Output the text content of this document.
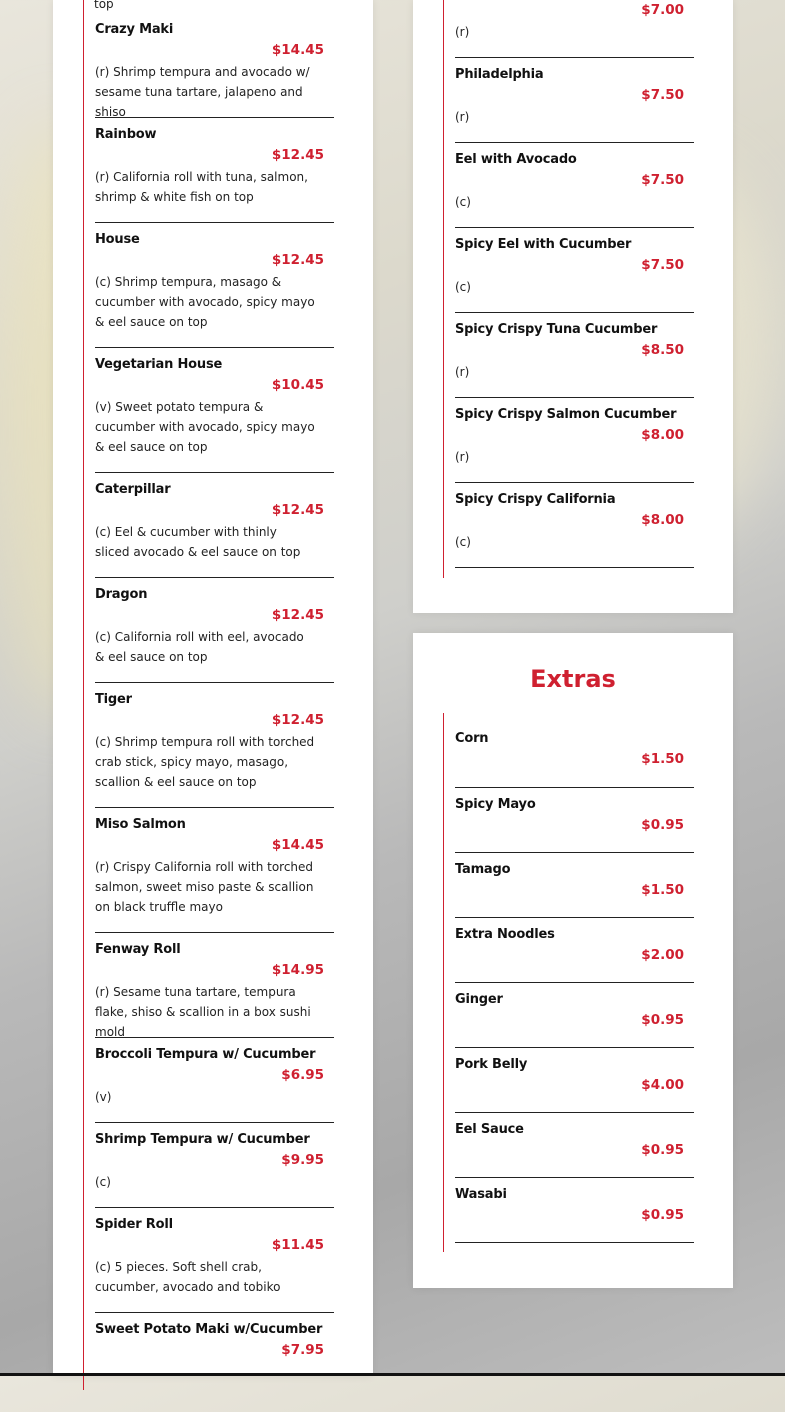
top
Crazy Maki
$14.45
(r) Shrimp tempura and avocado w/ sesame tuna tartare, jalapeno and shiso
Rainbow
$12.45
(r) California roll with tuna, salmon, shrimp & white fish on top
House
$12.45
(c) Shrimp tempura, masago & cucumber with avocado, spicy mayo & eel sauce on top
Vegetarian House
$10.45
(v) Sweet potato tempura & cucumber with avocado, spicy mayo & eel sauce on top
Caterpillar
$12.45
(c) Eel & cucumber with thinly sliced avocado & eel sauce on top
Dragon
$12.45
(c) California roll with eel, avocado & eel sauce on top
Tiger
$12.45
(c) Shrimp tempura roll with torched crab stick, spicy mayo, masago, scallion & eel sauce on top
Miso Salmon
$14.45
(r) Crispy California roll with torched salmon, sweet miso paste & scallion on black truffle mayo
Fenway Roll
$14.95
(r) Sesame tuna tartare, tempura flake, shiso & scallion in a box sushi mold
Broccoli Tempura w/ Cucumber
$6.95
(v)
Shrimp Tempura w/ Cucumber
$9.95
(c)
Spider Roll
$11.45
(c) 5 pieces. Soft shell crab, cucumber, avocado and tobiko
Sweet Potato Maki w/Cucumber
$7.95
$7.00
(r)
Philadelphia
$7.50
(r)
Eel with Avocado
$7.50
(c)
Spicy Eel with Cucumber
$7.50
(c)
Spicy Crispy Tuna Cucumber
$8.50
(r)
Spicy Crispy Salmon Cucumber
$8.00
(r)
Spicy Crispy California
$8.00
(c)
Extras
Corn
$1.50
Spicy Mayo
$0.95
Tamago
$1.50
Extra Noodles
$2.00
Ginger
$0.95
Pork Belly
$4.00
Eel Sauce
$0.95
Wasabi
$0.95
